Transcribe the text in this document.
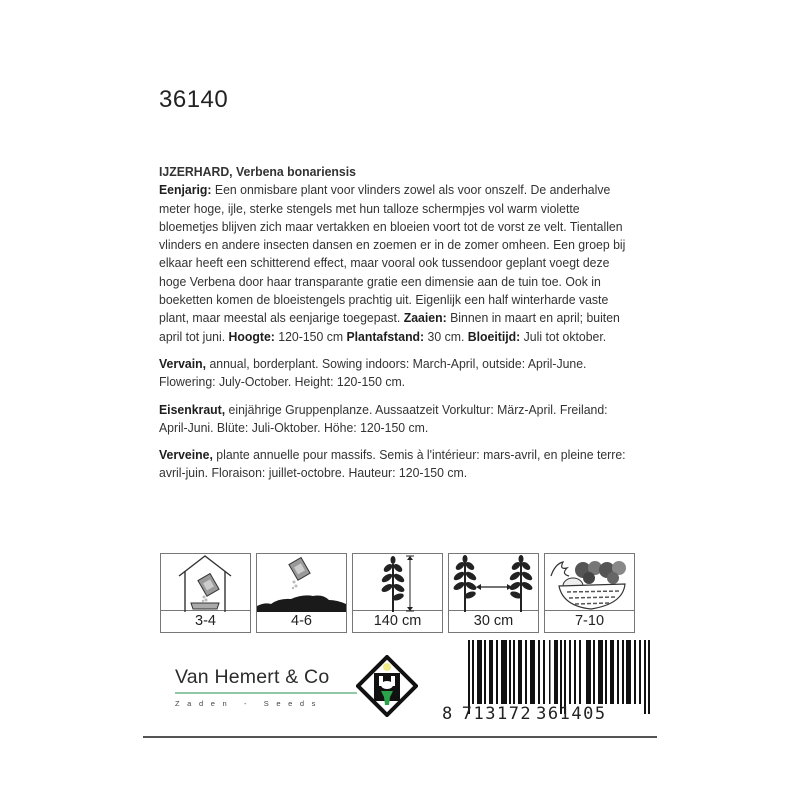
36140

IJZERHARD, Verbena bonariensis
Eenjarig: Een onmisbare plant voor vlinders zowel als voor onszelf. De anderhalve meter hoge, ijle, sterke stengels met hun talloze schermpjes vol warm violette bloemetjes blijven zich maar vertakken en bloeien voort tot de vorst ze velt. Tientallen vlinders en andere insecten dansen en zoemen er in de zomer omheen. Een groep bij elkaar heeft een schitterend effect, maar vooral ook tussendoor geplant voegt deze hoge Verbena door haar transparante gratie een dimensie aan de tuin toe. Ook in boeketten komen de bloeistengels prachtig uit. Eigenlijk een half winterharde vaste plant, maar meestal als eenjarige toegepast. Zaaien: Binnen in maart en april; buiten april tot juni. Hoogte: 120-150 cm Plantafstand: 30 cm. Bloeitijd: Juli tot oktober.

Vervain, annual, borderplant. Sowing indoors: March-April, outside: April-June. Flowering: July-October. Height: 120-150 cm.

Eisenkraut, einjährige Gruppenplanze. Aussaatzeit Vorkultur: März-April. Freiland: April-Juni. Blüte: Juli-Oktober. Höhe: 120-150 cm.

Verveine, plante annuelle pour massifs. Semis à l'intérieur: mars-avril, en pleine terre: avril-juin. Floraison: juillet-octobre. Hauteur: 120-150 cm.

3-4	4-6	140 cm	30 cm	7-10
Van Hemert & Co
Zaden - Seeds
8 713172 361405
